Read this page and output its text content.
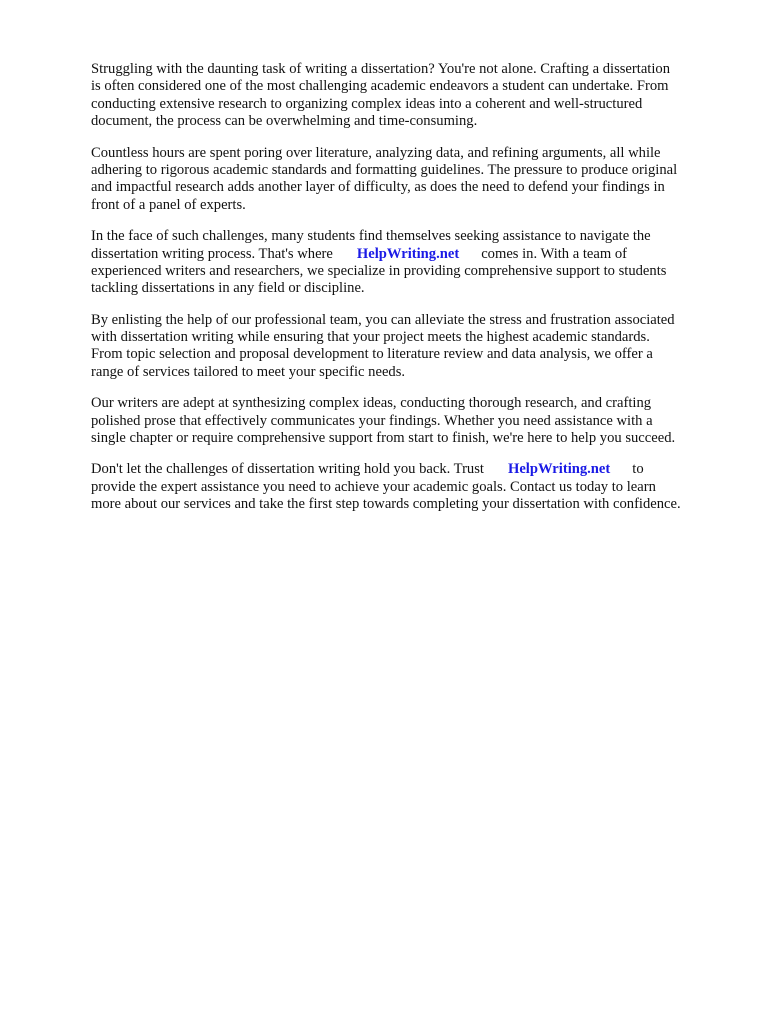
Struggling with the daunting task of writing a dissertation? You're not alone. Crafting a dissertation
is often considered one of the most challenging academic endeavors a student can undertake. From
conducting extensive research to organizing complex ideas into a coherent and well-structured
document, the process can be overwhelming and time-consuming.

Countless hours are spent poring over literature, analyzing data, and refining arguments, all while
adhering to rigorous academic standards and formatting guidelines. The pressure to produce original
and impactful research adds another layer of difficulty, as does the need to defend your findings in
front of a panel of experts.

In the face of such challenges, many students find themselves seeking assistance to navigate the
dissertation writing process. That's where HelpWriting.net comes in. With a team of
experienced writers and researchers, we specialize in providing comprehensive support to students
tackling dissertations in any field or discipline.

By enlisting the help of our professional team, you can alleviate the stress and frustration associated
with dissertation writing while ensuring that your project meets the highest academic standards.
From topic selection and proposal development to literature review and data analysis, we offer a
range of services tailored to meet your specific needs.

Our writers are adept at synthesizing complex ideas, conducting thorough research, and crafting
polished prose that effectively communicates your findings. Whether you need assistance with a
single chapter or require comprehensive support from start to finish, we're here to help you succeed.

Don't let the challenges of dissertation writing hold you back. Trust HelpWriting.net to
provide the expert assistance you need to achieve your academic goals. Contact us today to learn
more about our services and take the first step towards completing your dissertation with confidence.
